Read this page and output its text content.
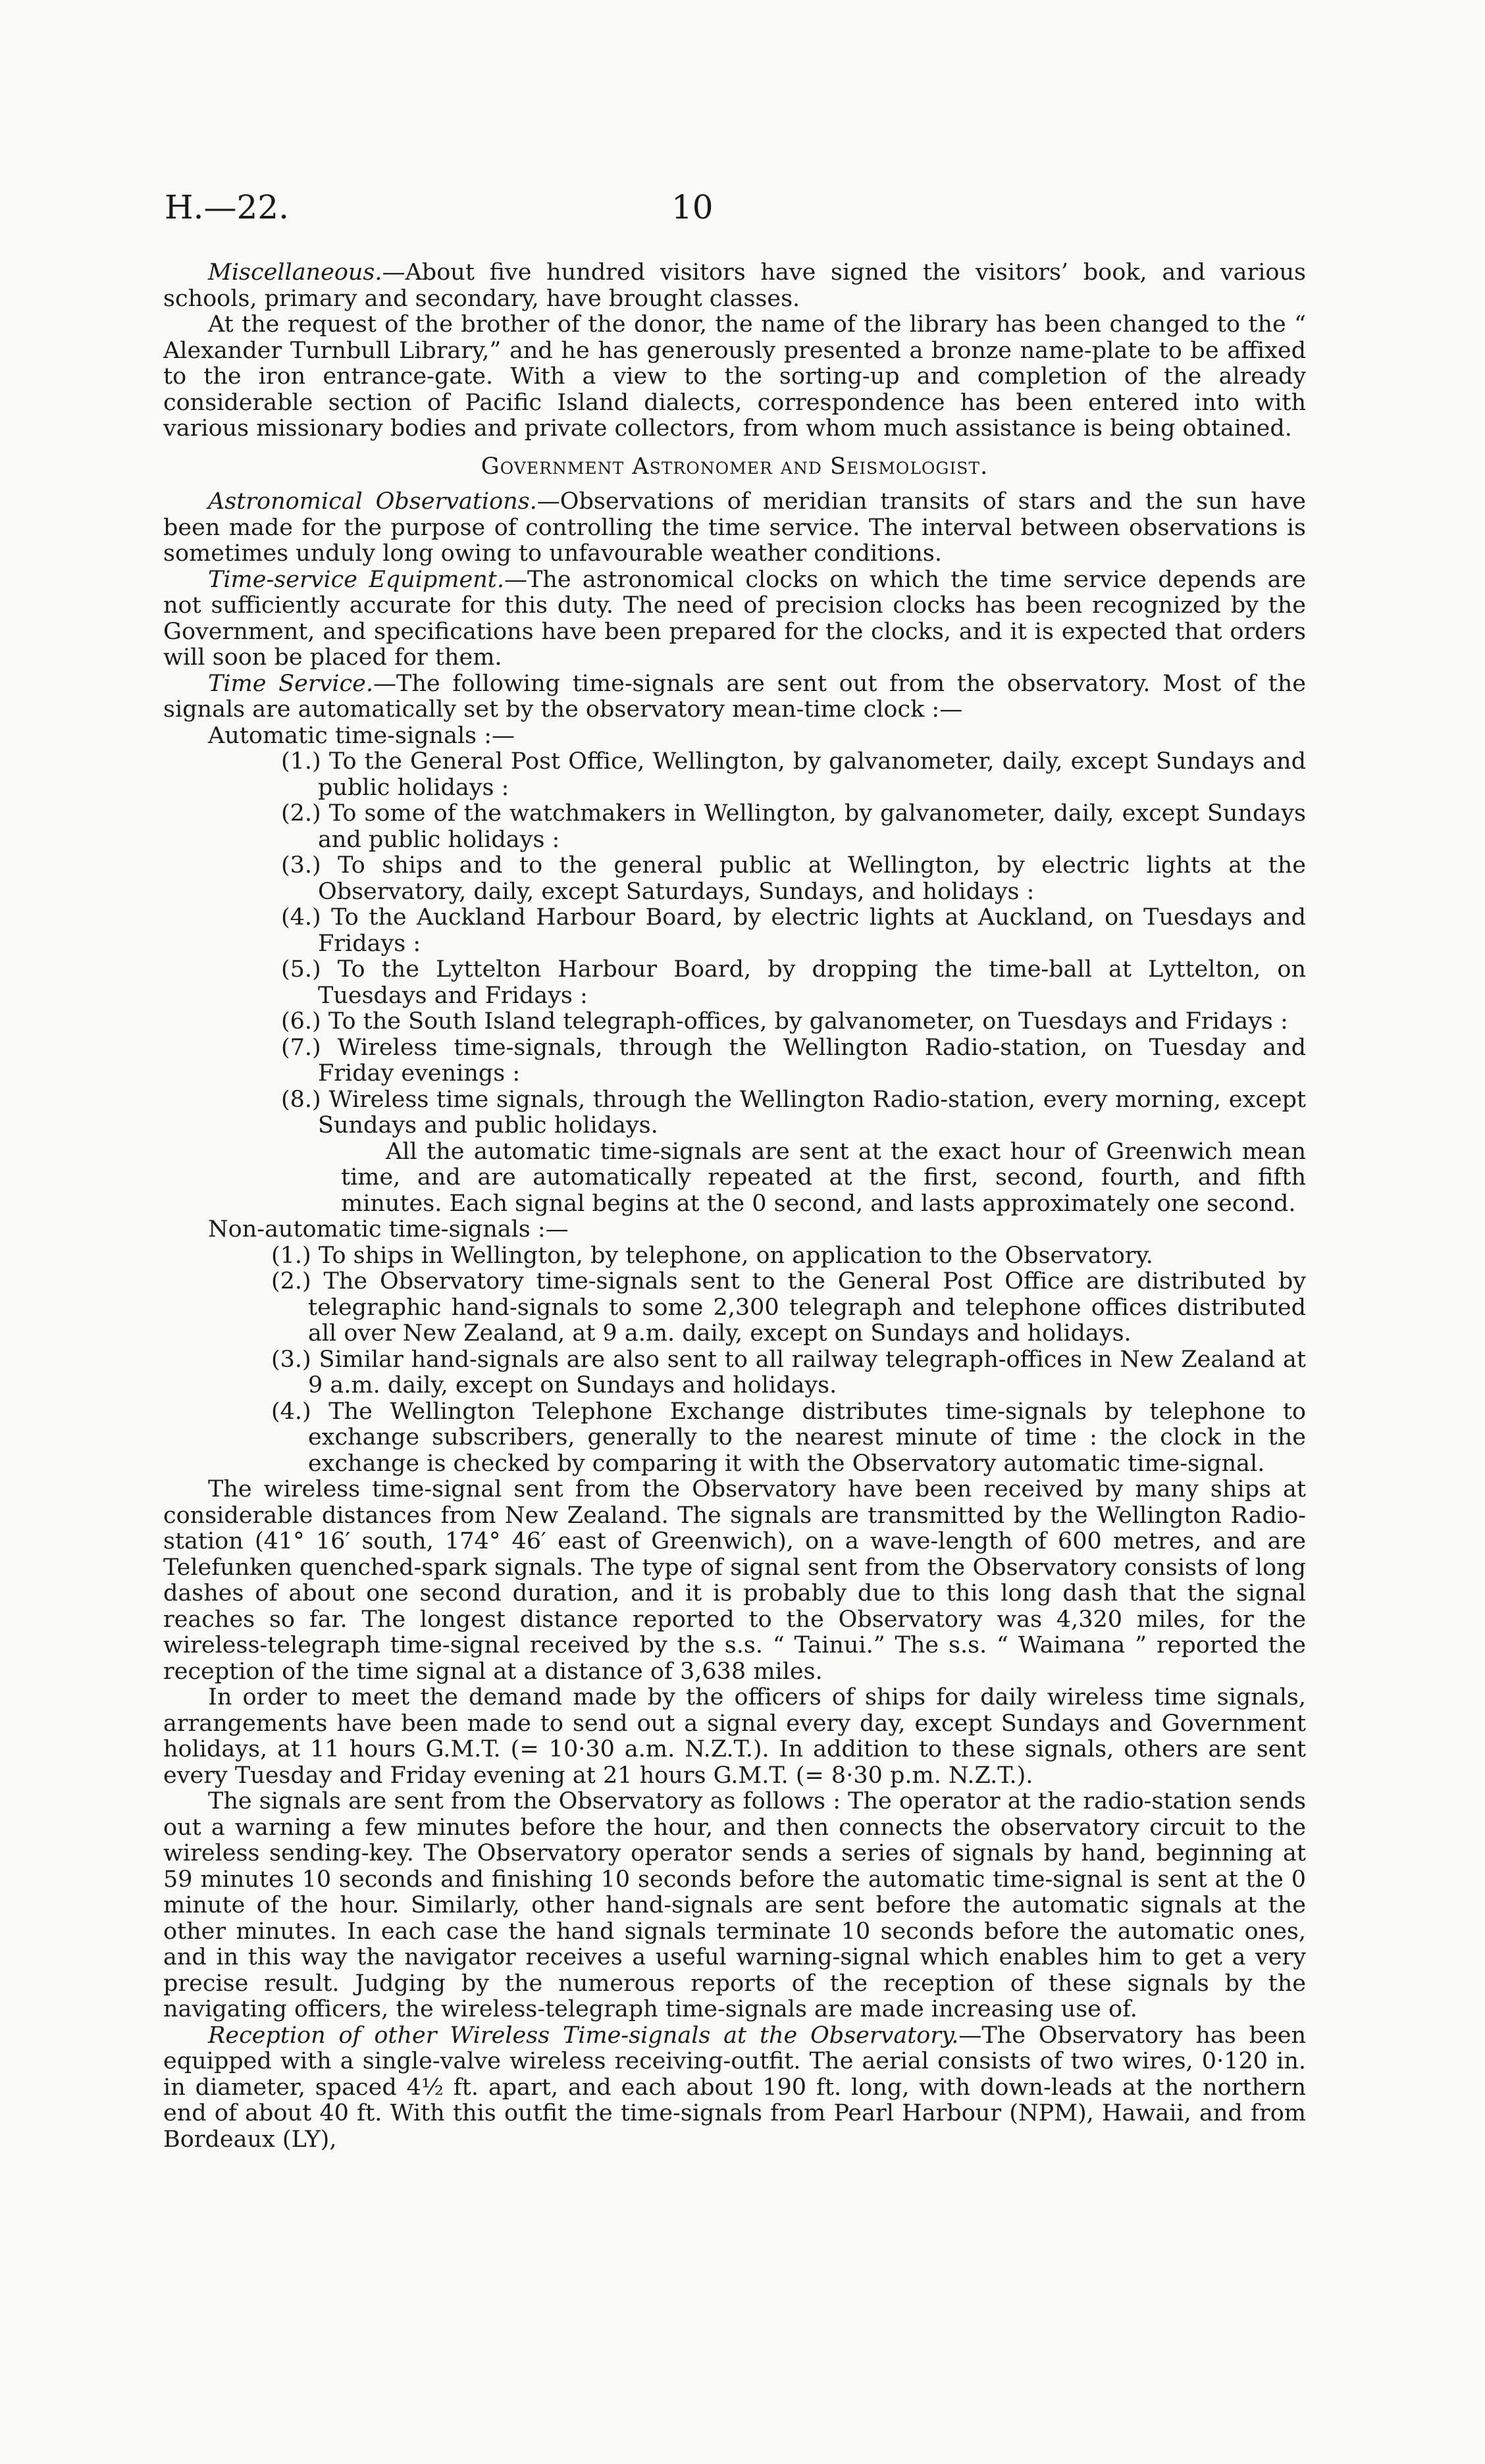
H.—22.	10

Miscellaneous.—About five hundred visitors have signed the visitors’ book, and various schools, primary and secondary, have brought classes.

At the request of the brother of the donor, the name of the library has been changed to the “ Alexander Turnbull Library,” and he has generously presented a bronze name-plate to be affixed to the iron entrance-gate. With a view to the sorting-up and completion of the already considerable section of Pacific Island dialects, correspondence has been entered into with various missionary bodies and private collectors, from whom much assistance is being obtained.

Government Astronomer and Seismologist.

Astronomical Observations.—Observations of meridian transits of stars and the sun have been made for the purpose of controlling the time service. The interval between observations is sometimes unduly long owing to unfavourable weather conditions.

Time-service Equipment.—The astronomical clocks on which the time service depends are not sufficiently accurate for this duty. The need of precision clocks has been recognized by the Government, and specifications have been prepared for the clocks, and it is expected that orders will soon be placed for them.

Time Service.—The following time-signals are sent out from the observatory. Most of the signals are automatically set by the observatory mean-time clock :—

Automatic time-signals :—

(1.) To the General Post Office, Wellington, by galvanometer, daily, except Sundays and public holidays :
(2.) To some of the watchmakers in Wellington, by galvanometer, daily, except Sundays and public holidays :
(3.) To ships and to the general public at Wellington, by electric lights at the Observatory, daily, except Saturdays, Sundays, and holidays :
(4.) To the Auckland Harbour Board, by electric lights at Auckland, on Tuesdays and Fridays :
(5.) To the Lyttelton Harbour Board, by dropping the time-ball at Lyttelton, on Tuesdays and Fridays :
(6.) To the South Island telegraph-offices, by galvanometer, on Tuesdays and Fridays :
(7.) Wireless time-signals, through the Wellington Radio-station, on Tuesday and Friday evenings :
(8.) Wireless time signals, through the Wellington Radio-station, every morning, except Sundays and public holidays.

All the automatic time-signals are sent at the exact hour of Greenwich mean time, and are automatically repeated at the first, second, fourth, and fifth minutes. Each signal begins at the 0 second, and lasts approximately one second.

Non-automatic time-signals :—

(1.) To ships in Wellington, by telephone, on application to the Observatory.
(2.) The Observatory time-signals sent to the General Post Office are distributed by telegraphic hand-signals to some 2,300 telegraph and telephone offices distributed all over New Zealand, at 9 a.m. daily, except on Sundays and holidays.
(3.) Similar hand-signals are also sent to all railway telegraph-offices in New Zealand at 9 a.m. daily, except on Sundays and holidays.
(4.) The Wellington Telephone Exchange distributes time-signals by telephone to exchange subscribers, generally to the nearest minute of time : the clock in the exchange is checked by comparing it with the Observatory automatic time-signal.

The wireless time-signal sent from the Observatory have been received by many ships at considerable distances from New Zealand. The signals are transmitted by the Wellington Radio-station (41° 16′ south, 174° 46′ east of Greenwich), on a wave-length of 600 metres, and are Telefunken quenched-spark signals. The type of signal sent from the Observatory consists of long dashes of about one second duration, and it is probably due to this long dash that the signal reaches so far. The longest distance reported to the Observatory was 4,320 miles, for the wireless-telegraph time-signal received by the s.s. “ Tainui.” The s.s. “ Waimana ” reported the reception of the time signal at a distance of 3,638 miles.

In order to meet the demand made by the officers of ships for daily wireless time signals, arrangements have been made to send out a signal every day, except Sundays and Government holidays, at 11 hours G.M.T. (= 10·30 a.m. N.Z.T.). In addition to these signals, others are sent every Tuesday and Friday evening at 21 hours G.M.T. (= 8·30 p.m. N.Z.T.).

The signals are sent from the Observatory as follows : The operator at the radio-station sends out a warning a few minutes before the hour, and then connects the observatory circuit to the wireless sending-key. The Observatory operator sends a series of signals by hand, beginning at 59 minutes 10 seconds and finishing 10 seconds before the automatic time-signal is sent at the 0 minute of the hour. Similarly, other hand-signals are sent before the automatic signals at the other minutes. In each case the hand signals terminate 10 seconds before the automatic ones, and in this way the navigator receives a useful warning-signal which enables him to get a very precise result. Judging by the numerous reports of the reception of these signals by the navigating officers, the wireless-telegraph time-signals are made increasing use of.

Reception of other Wireless Time-signals at the Observatory.—The Observatory has been equipped with a single-valve wireless receiving-outfit. The aerial consists of two wires, 0·120 in. in diameter, spaced 4½ ft. apart, and each about 190 ft. long, with down-leads at the northern end of about 40 ft. With this outfit the time-signals from Pearl Harbour (NPM), Hawaii, and from Bordeaux (LY),
